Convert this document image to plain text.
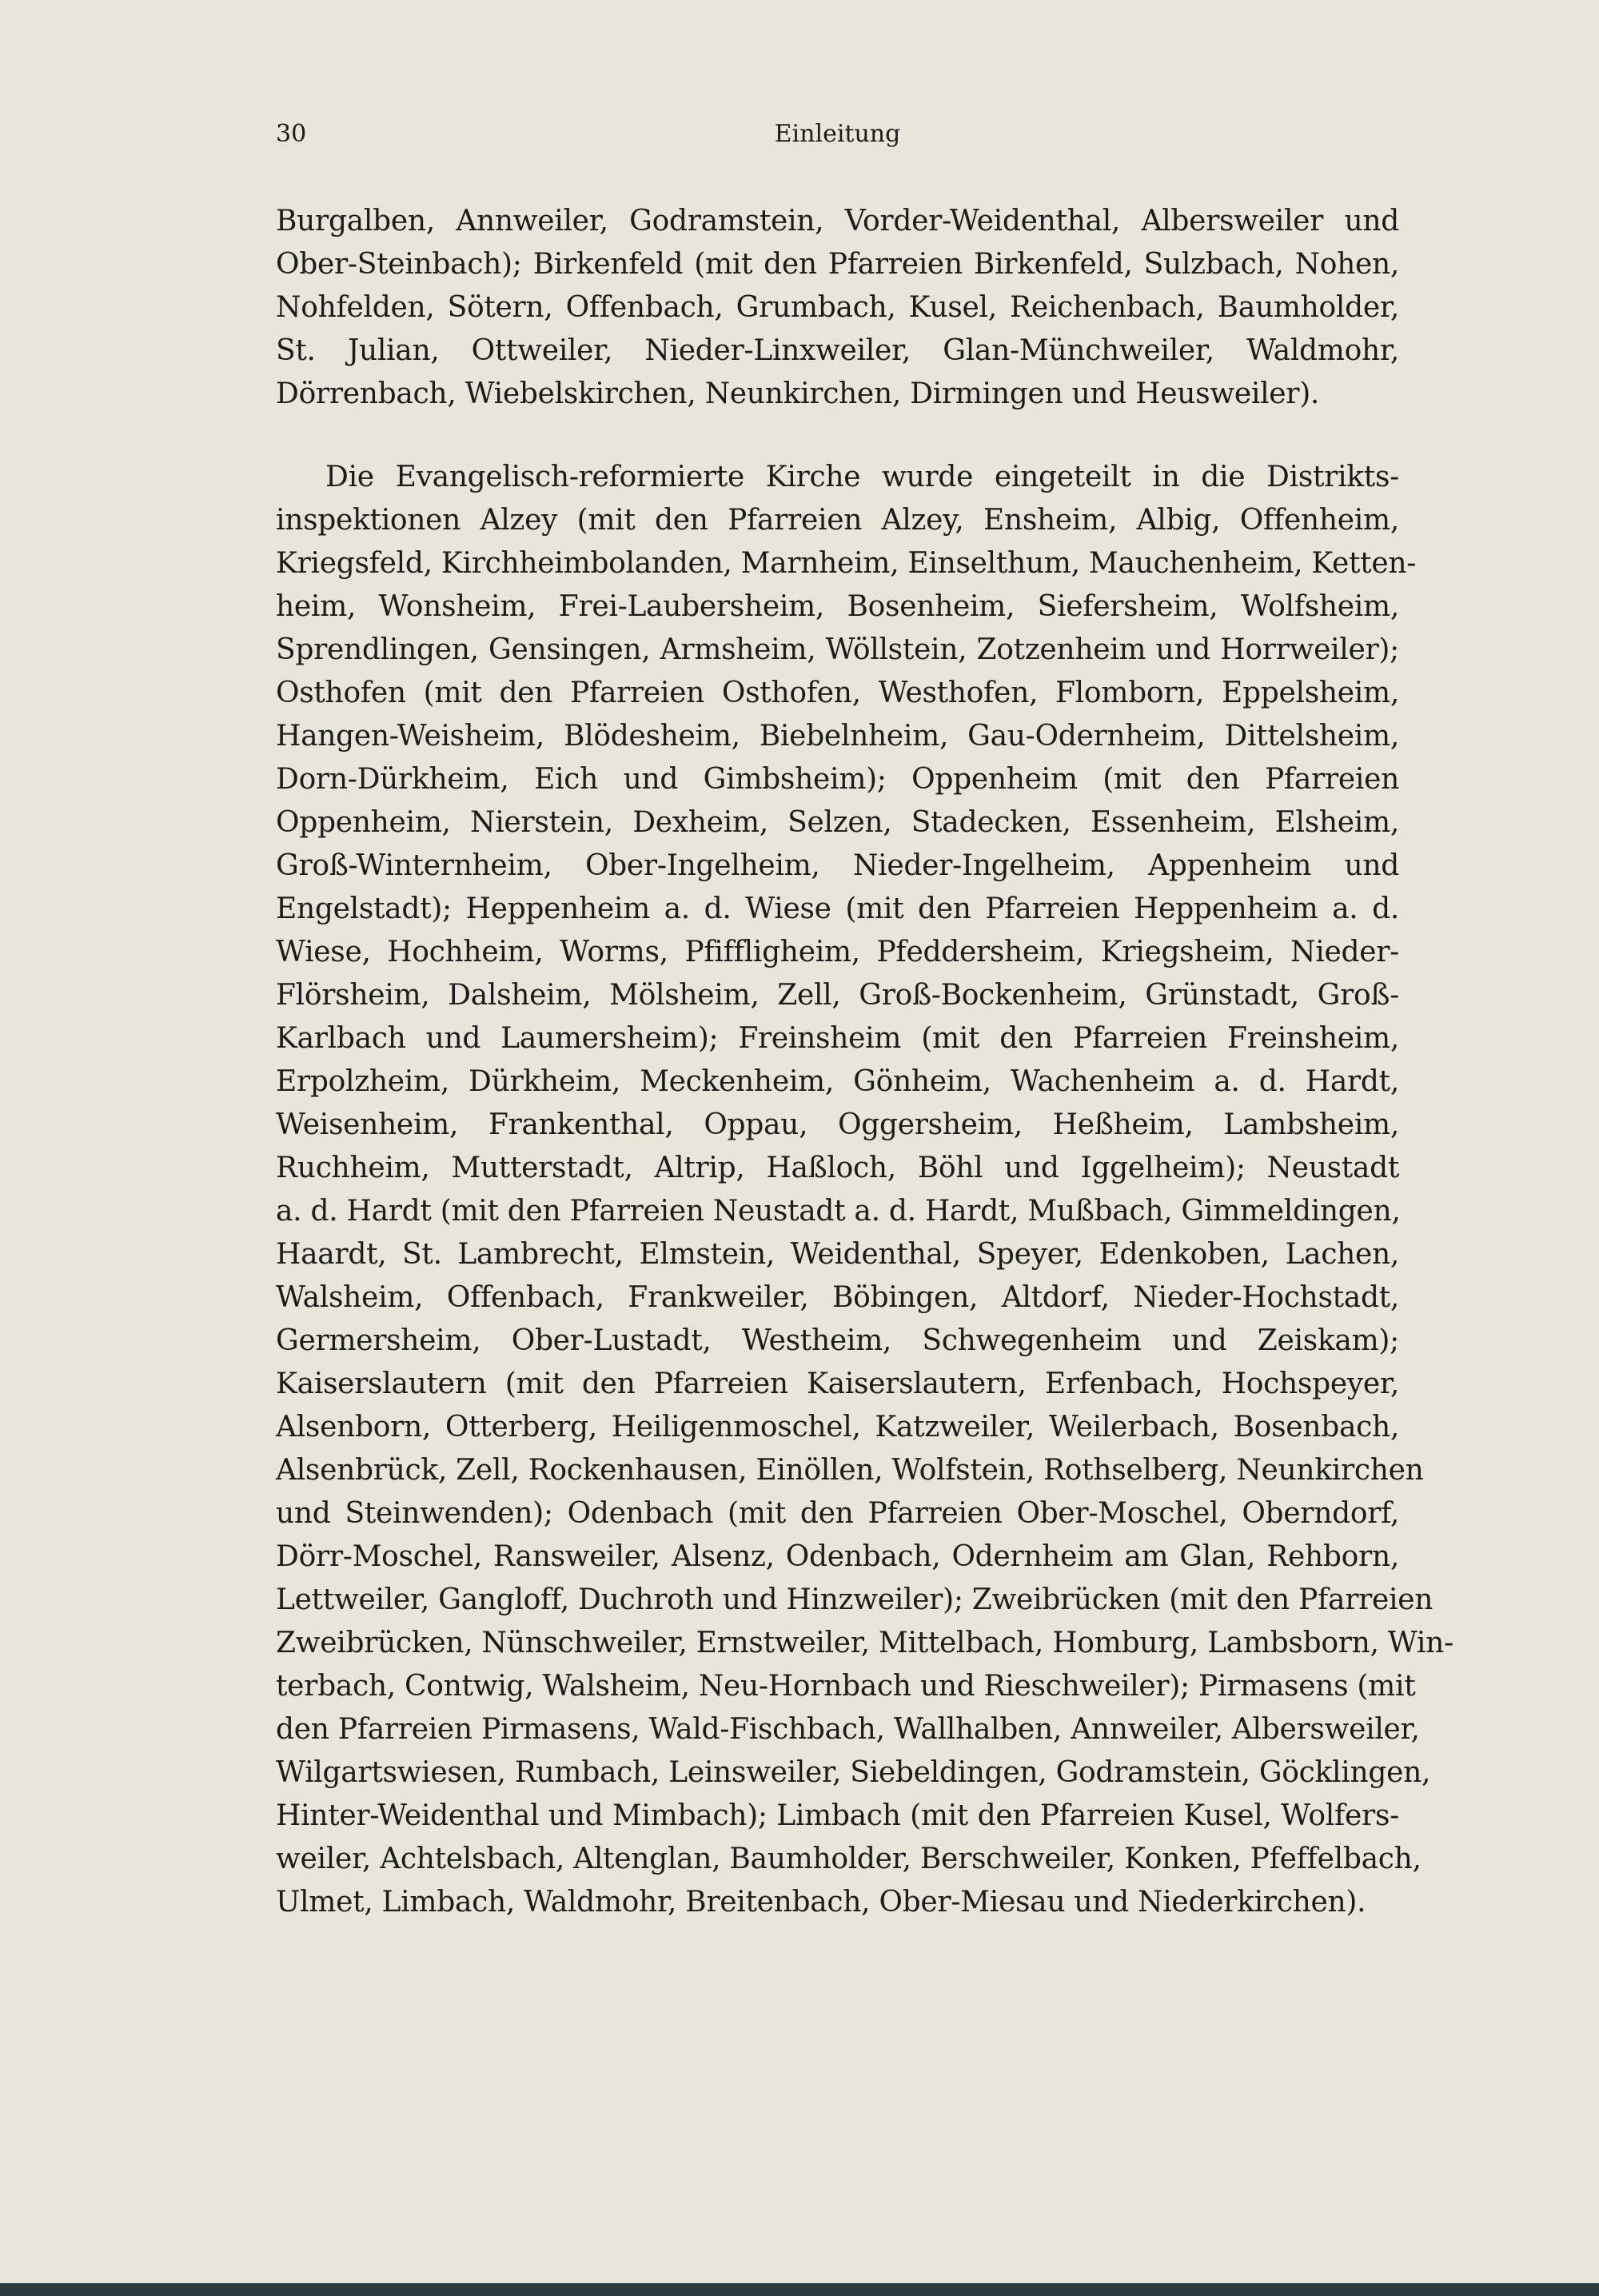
30	Einleitung
Burgalben, Annweiler, Godramstein, Vorder-Weidenthal, Albersweiler und
Ober-Steinbach); Birkenfeld (mit den Pfarreien Birkenfeld, Sulzbach, Nohen,
Nohfelden, Sötern, Offenbach, Grumbach, Kusel, Reichenbach, Baumholder,
St. Julian, Ottweiler, Nieder-Linxweiler, Glan-Münchweiler, Waldmohr,
Dörrenbach, Wiebelskirchen, Neunkirchen, Dirmingen und Heusweiler).
Die Evangelisch-reformierte Kirche wurde eingeteilt in die Distrikts-
inspektionen Alzey (mit den Pfarreien Alzey, Ensheim, Albig, Offenheim,
Kriegsfeld, Kirchheimbolanden, Marnheim, Einselthum, Mauchenheim, Ketten-
heim, Wonsheim, Frei-Laubersheim, Bosenheim, Siefersheim, Wolfsheim,
Sprendlingen, Gensingen, Armsheim, Wöllstein, Zotzenheim und Horrweiler);
Osthofen (mit den Pfarreien Osthofen, Westhofen, Flomborn, Eppelsheim,
Hangen-Weisheim, Blödesheim, Biebelnheim, Gau-Odernheim, Dittelsheim,
Dorn-Dürkheim, Eich und Gimbsheim); Oppenheim (mit den Pfarreien
Oppenheim, Nierstein, Dexheim, Selzen, Stadecken, Essenheim, Elsheim,
Groß-Winternheim, Ober-Ingelheim, Nieder-Ingelheim, Appenheim und
Engelstadt); Heppenheim a. d. Wiese (mit den Pfarreien Heppenheim a. d.
Wiese, Hochheim, Worms, Pfiffligheim, Pfeddersheim, Kriegsheim, Nieder-
Flörsheim, Dalsheim, Mölsheim, Zell, Groß-Bockenheim, Grünstadt, Groß-
Karlbach und Laumersheim); Freinsheim (mit den Pfarreien Freinsheim,
Erpolzheim, Dürkheim, Meckenheim, Gönheim, Wachenheim a. d. Hardt,
Weisenheim, Frankenthal, Oppau, Oggersheim, Heßheim, Lambsheim,
Ruchheim, Mutterstadt, Altrip, Haßloch, Böhl und Iggelheim); Neustadt
a. d. Hardt (mit den Pfarreien Neustadt a. d. Hardt, Mußbach, Gimmeldingen,
Haardt, St. Lambrecht, Elmstein, Weidenthal, Speyer, Edenkoben, Lachen,
Walsheim, Offenbach, Frankweiler, Böbingen, Altdorf, Nieder-Hochstadt,
Germersheim, Ober-Lustadt, Westheim, Schwegenheim und Zeiskam);
Kaiserslautern (mit den Pfarreien Kaiserslautern, Erfenbach, Hochspeyer,
Alsenborn, Otterberg, Heiligenmoschel, Katzweiler, Weilerbach, Bosenbach,
Alsenbrück, Zell, Rockenhausen, Einöllen, Wolfstein, Rothselberg, Neunkirchen
und Steinwenden); Odenbach (mit den Pfarreien Ober-Moschel, Oberndorf,
Dörr-Moschel, Ransweiler, Alsenz, Odenbach, Odernheim am Glan, Rehborn,
Lettweiler, Gangloff, Duchroth und Hinzweiler); Zweibrücken (mit den Pfarreien
Zweibrücken, Nünschweiler, Ernstweiler, Mittelbach, Homburg, Lambsborn, Win-
terbach, Contwig, Walsheim, Neu-Hornbach und Rieschweiler); Pirmasens (mit
den Pfarreien Pirmasens, Wald-Fischbach, Wallhalben, Annweiler, Albersweiler,
Wilgartswiesen, Rumbach, Leinsweiler, Siebeldingen, Godramstein, Göcklingen,
Hinter-Weidenthal und Mimbach); Limbach (mit den Pfarreien Kusel, Wolfers-
weiler, Achtelsbach, Altenglan, Baumholder, Berschweiler, Konken, Pfeffelbach,
Ulmet, Limbach, Waldmohr, Breitenbach, Ober-Miesau und Niederkirchen).
